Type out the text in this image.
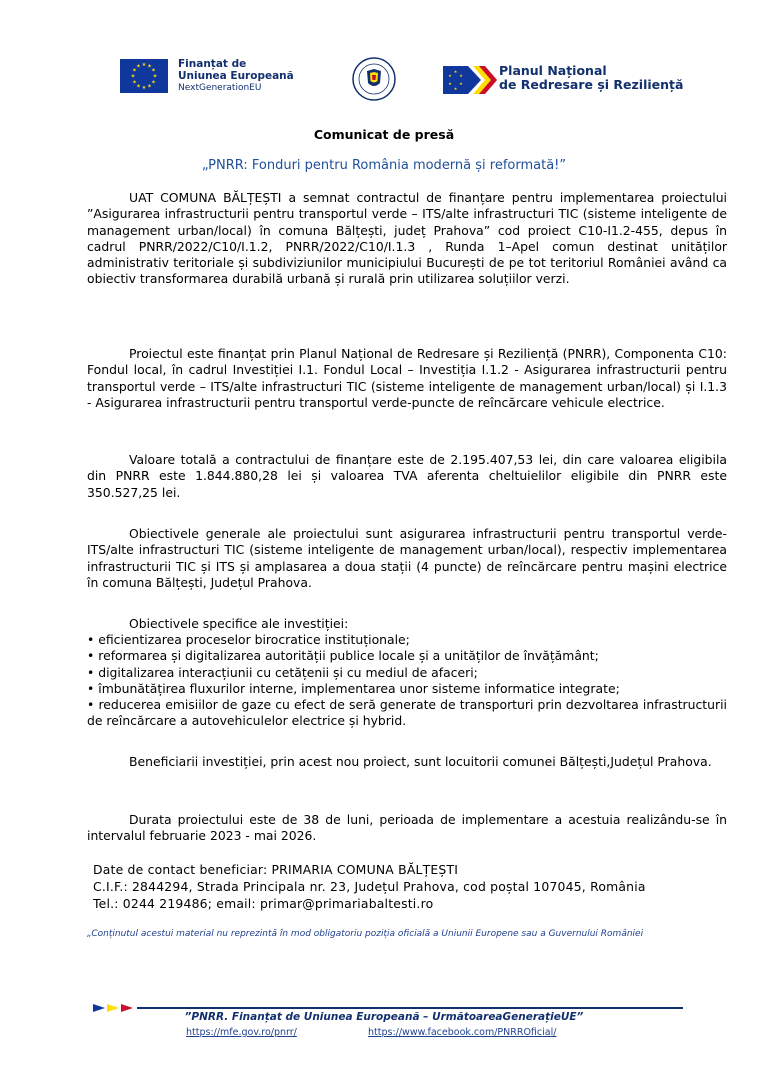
★ ★
★
★
★
★
★
★
★
★
★
★	Finanțat de
Uniunea Europeană
NextGenerationEU
★
★
★
★
★
★	Planul Național
de Redresare și Reziliență
Comunicat de presă
„PNRR: Fonduri pentru România modernă și reformată!”

UAT COMUNA BĂLȚEȘTI a semnat contractul de finanțare pentru implementarea proiectului ”Asigurarea infrastructurii pentru transportul verde – ITS/alte infrastructuri TIC (sisteme inteligente de management urban/local) în comuna Bălțești, județ Prahova” cod proiect C10-I1.2-455, depus în cadrul PNRR/2022/C10/I.1.2, PNRR/2022/C10/I.1.3 , Runda 1–Apel comun destinat unităților administrativ teritoriale și subdiviziunilor municipiului București de pe tot teritoriul României având ca obiectiv transformarea durabilă urbană și rurală prin utilizarea soluțiilor verzi.

Proiectul este finanțat prin Planul Național de Redresare și Reziliență (PNRR), Componenta C10: Fondul local, în cadrul Investiției I.1. Fondul Local – Investiția I.1.2 - Asigurarea infrastructurii pentru transportul verde – ITS/alte infrastructuri TIC (sisteme inteligente de management urban/local) și I.1.3 - Asigurarea infrastructurii pentru transportul verde-puncte de reîncărcare vehicule electrice.

Valoare totală a contractului de finanțare este de 2.195.407,53 lei, din care valoarea eligibila din PNRR este 1.844.880,28 lei și valoarea TVA aferenta cheltuielilor eligibile din PNRR este 350.527,25 lei.

Obiectivele generale ale proiectului sunt asigurarea infrastructurii pentru transportul verde-ITS/alte infrastructuri TIC (sisteme inteligente de management urban/local), respectiv implementarea infrastructurii TIC și ITS și amplasarea a doua stații (4 puncte) de reîncărcare pentru mașini electrice în comuna Bălțești, Județul Prahova.

Obiectivele specifice ale investiției:

• eficientizarea proceselor birocratice instituționale;
• reformarea și digitalizarea autorității publice locale și a unităților de învățământ;
• digitalizarea interacțiunii cu cetățenii și cu mediul de afaceri;
• îmbunătățirea fluxurilor interne, implementarea unor sisteme informatice integrate;
• reducerea emisiilor de gaze cu efect de seră generate de transporturi prin dezvoltarea infrastructurii de reîncărcare a autovehiculelor electrice și hybrid.

Beneficiarii investiției, prin acest nou proiect, sunt locuitorii comunei Bălțești,Județul Prahova.

Durata proiectului este de 38 de luni, perioada de implementare a acestuia realizându-se în intervalul februarie 2023 - mai 2026.

Date de contact beneficiar: PRIMARIA COMUNA BĂLȚEȘTI
C.I.F.: 2844294, Strada Principala nr. 23, Județul Prahova, cod poștal 107045, România
Tel.: 0244 219486; email: primar@primariabaltesti.ro
„Conținutul acestui material nu reprezintă în mod obligatoriu poziția oficială a Uniunii Europene sau a Guvernului României
”PNRR. Finanțat de Uniunea Europeană – UrmătoareaGenerațieUE”
https://mfe.gov.ro/pnrr/	https://www.facebook.com/PNRROficial/
